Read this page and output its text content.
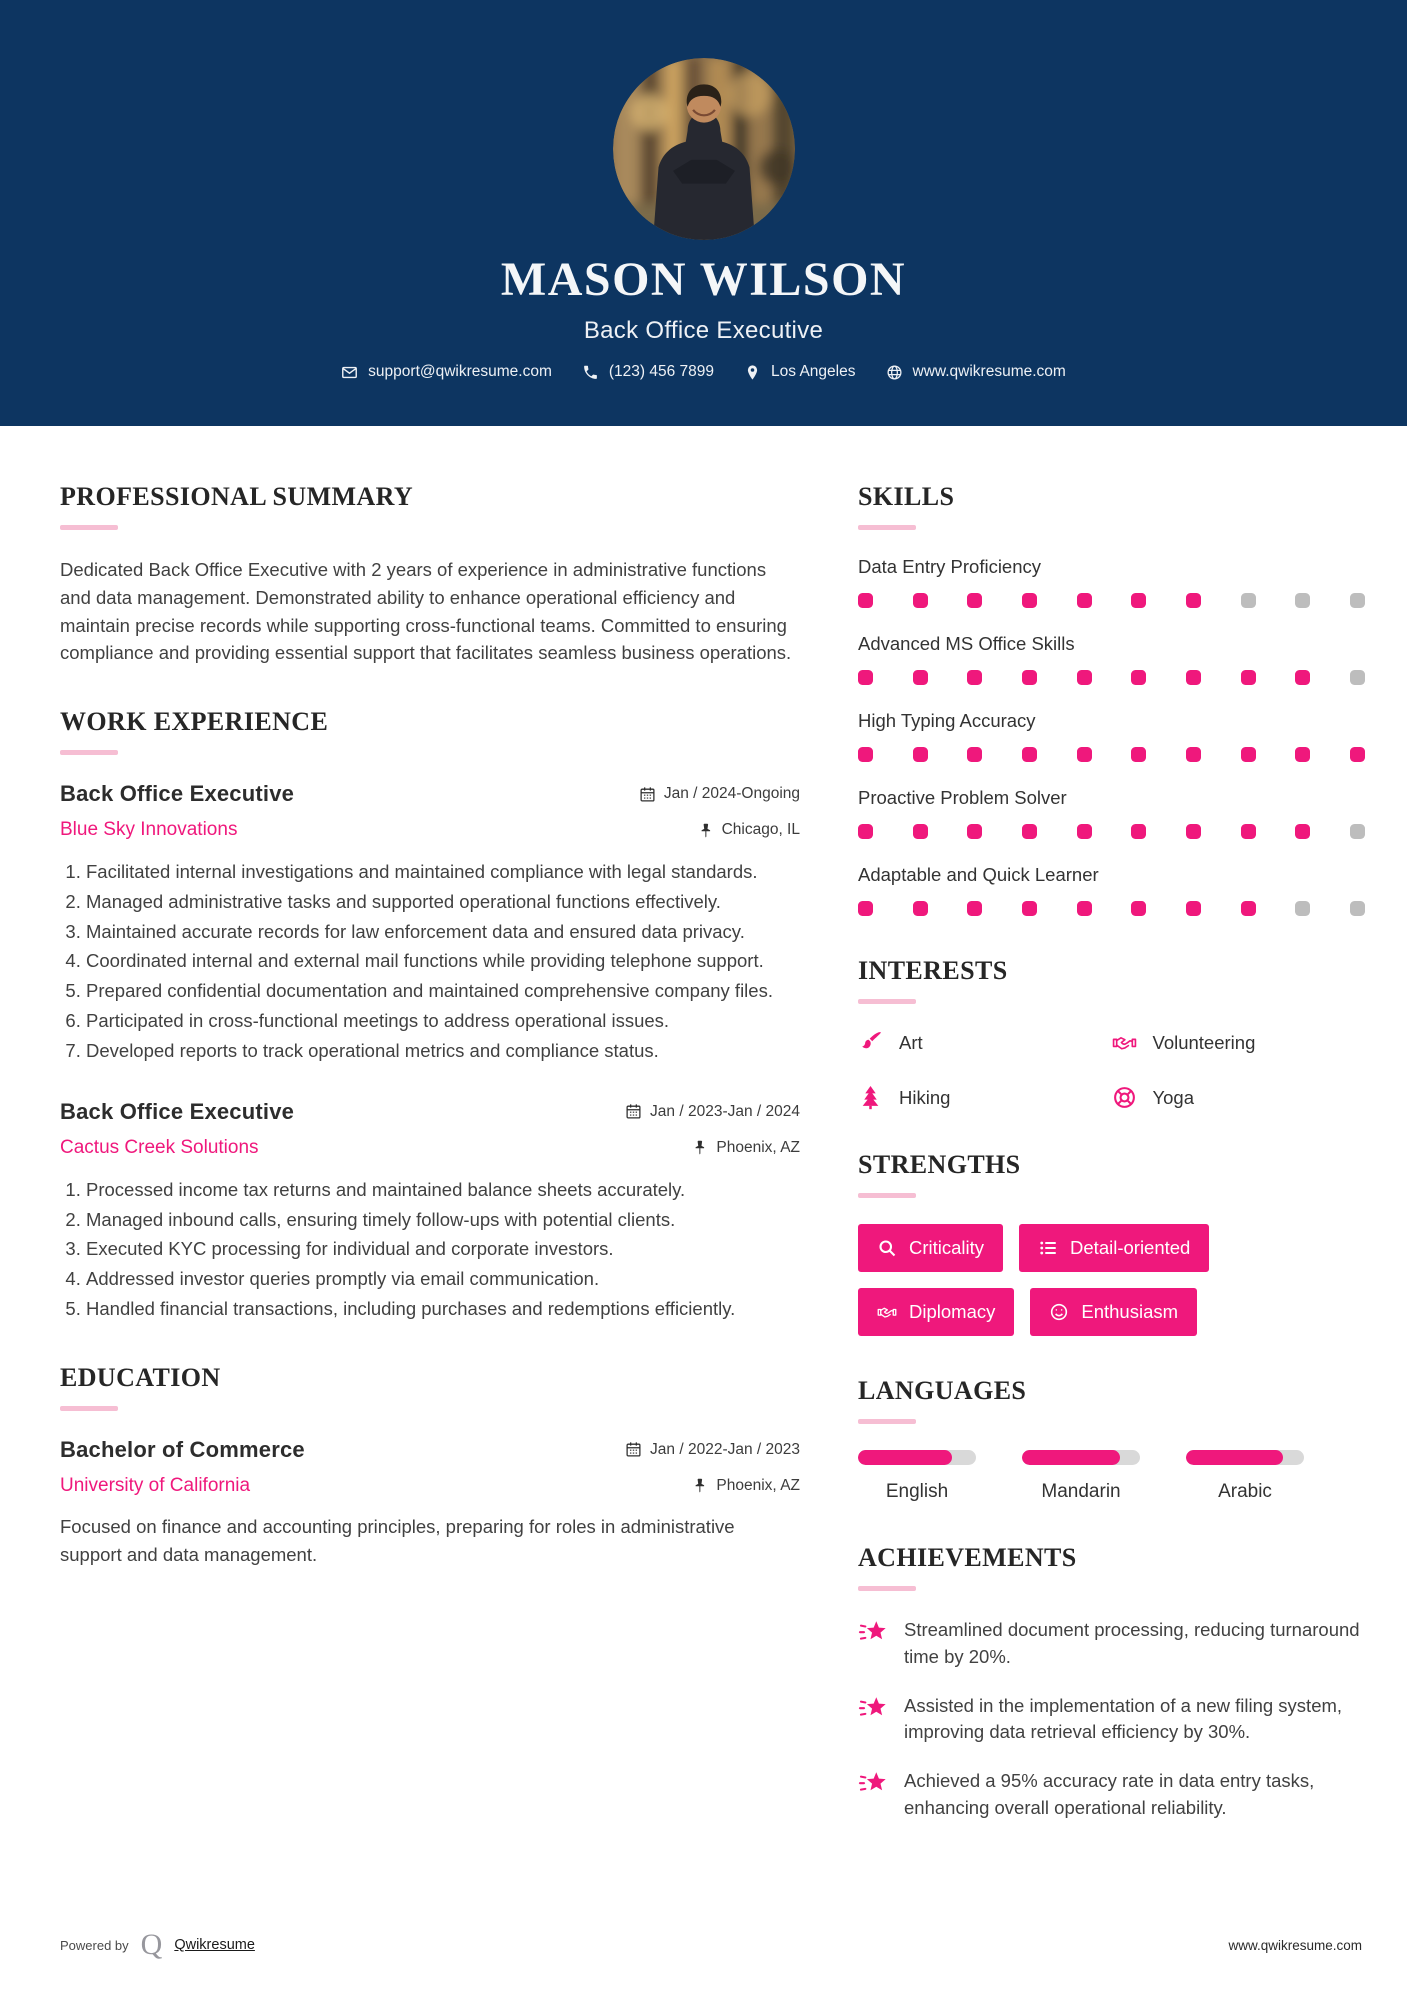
MASON WILSON
Back Office Executive
support@qwikresume.com	(123) 456 7899	Los Angeles	www.qwikresume.com
PROFESSIONAL SUMMARY

Dedicated Back Office Executive with 2 years of experience in administrative functions and data management. Demonstrated ability to enhance operational efficiency and maintain precise records while supporting cross-functional teams. Committed to ensuring compliance and providing essential support that facilitates seamless business operations.

WORK EXPERIENCE
Back Office Executive	Jan / 2024-Ongoing
Blue Sky Innovations	Chicago, IL
1. Facilitated internal investigations and maintained compliance with legal standards.
2. Managed administrative tasks and supported operational functions effectively.
3. Maintained accurate records for law enforcement data and ensured data privacy.
4. Coordinated internal and external mail functions while providing telephone support.
5. Prepared confidential documentation and maintained comprehensive company files.
6. Participated in cross-functional meetings to address operational issues.
7. Developed reports to track operational metrics and compliance status.
Back Office Executive	Jan / 2023-Jan / 2024
Cactus Creek Solutions	Phoenix, AZ
1. Processed income tax returns and maintained balance sheets accurately.
2. Managed inbound calls, ensuring timely follow-ups with potential clients.
3. Executed KYC processing for individual and corporate investors.
4. Addressed investor queries promptly via email communication.
5. Handled financial transactions, including purchases and redemptions efficiently.
EDUCATION
Bachelor of Commerce	Jan / 2022-Jan / 2023
University of California	Phoenix, AZ

Focused on finance and accounting principles, preparing for roles in administrative support and data management.

SKILLS
Data Entry Proficiency
Advanced MS Office Skills
High Typing Accuracy
Proactive Problem Solver
Adaptable and Quick Learner
INTERESTS
Art	Volunteering
Hiking	Yoga
STRENGTHS
Criticality	Detail-oriented
Diplomacy	Enthusiasm
LANGUAGES
English	Mandarin	Arabic
ACHIEVEMENTS

Streamlined document processing, reducing turnaround time by 20%.

Assisted in the implementation of a new filing system, improving data retrieval efficiency by 30%.

Achieved a 95% accuracy rate in data entry tasks, enhancing overall operational reliability.

Powered by Q Qwikresume	www.qwikresume.com
